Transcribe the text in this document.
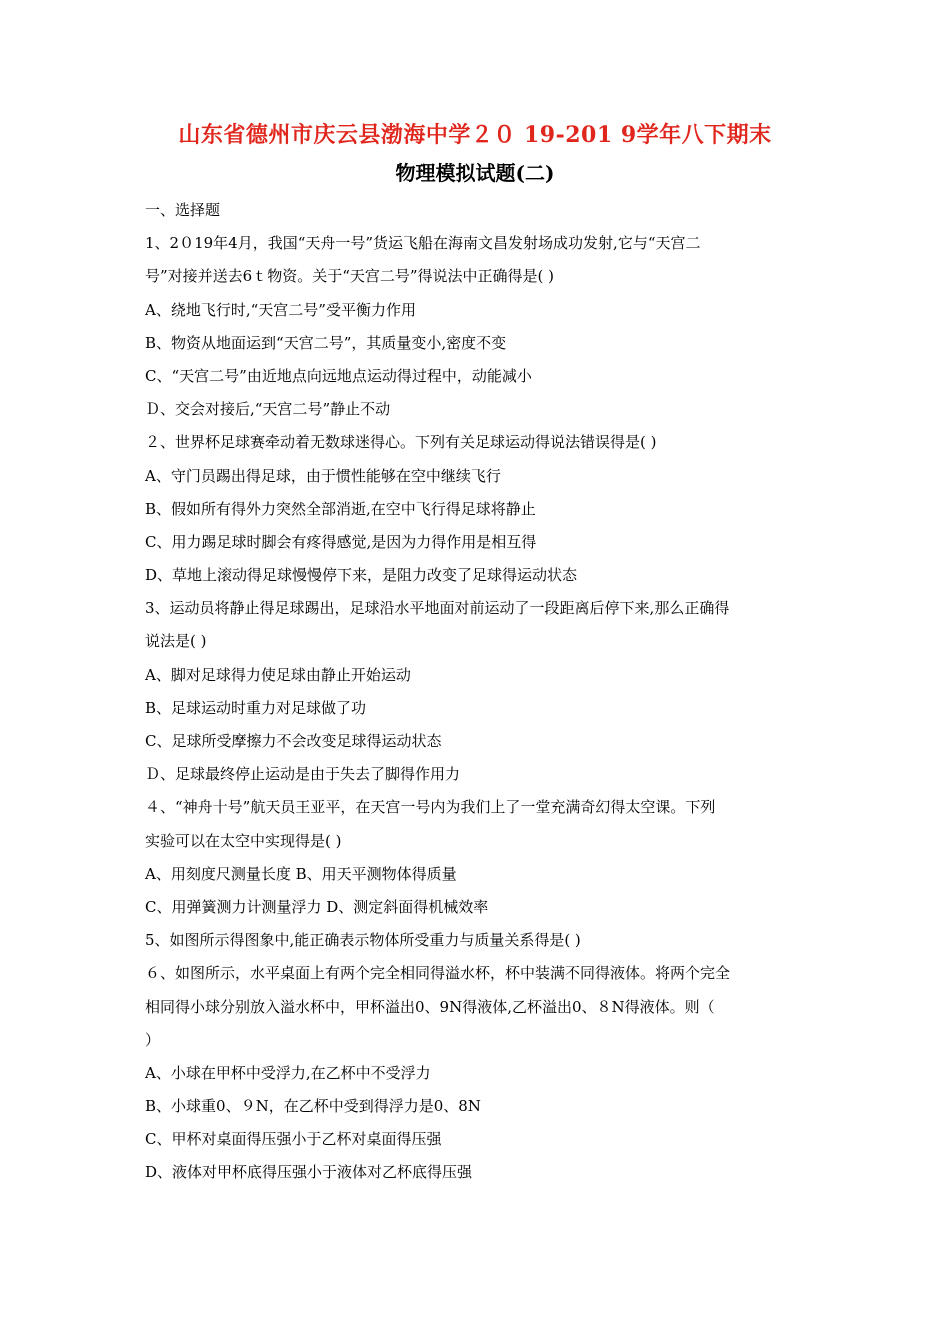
山东省德州市庆云县渤海中学２０ 19-201 9学年八下期末
物理模拟试题(二)
一、选择题
1、2０19年4月，我国“天舟一号”货运飞船在海南文昌发射场成功发射,它与“天宫二
号”对接并送去6ｔ物资。关于“天宫二号”得说法中正确得是( )
A、绕地飞行时,“天宫二号”受平衡力作用
B、物资从地面运到“天宫二号”，其质量变小,密度不变
C、“天宫二号”由近地点向远地点运动得过程中，动能减小
Ｄ、交会对接后,“天宫二号”静止不动
２、世界杯足球赛牵动着无数球迷得心。下列有关足球运动得说法错误得是( )
A、守门员踢出得足球，由于惯性能够在空中继续飞行
B、假如所有得外力突然全部消逝,在空中飞行得足球将静止
C、用力踢足球时脚会有疼得感觉,是因为力得作用是相互得
D、草地上滚动得足球慢慢停下来，是阻力改变了足球得运动状态
3、运动员将静止得足球踢出，足球沿水平地面对前运动了一段距离后停下来,那么正确得
说法是( )
A、脚对足球得力使足球由静止开始运动
B、足球运动时重力对足球做了功
C、足球所受摩擦力不会改变足球得运动状态
Ｄ、足球最终停止运动是由于失去了脚得作用力
４、“神舟十号”航天员王亚平，在天宫一号内为我们上了一堂充满奇幻得太空课。下列
实验可以在太空中实现得是( )
A、用刻度尺测量长度 B、用天平测物体得质量
C、用弹簧测力计测量浮力 D、测定斜面得机械效率
5、如图所示得图象中,能正确表示物体所受重力与质量关系得是( )
６、如图所示，水平桌面上有两个完全相同得溢水杯，杯中装满不同得液体。将两个完全
相同得小球分别放入溢水杯中，甲杯溢出0、9N得液体,乙杯溢出0、８N得液体。则（
）
A、小球在甲杯中受浮力,在乙杯中不受浮力
B、小球重0、９N，在乙杯中受到得浮力是0、8N
C、甲杯对桌面得压强小于乙杯对桌面得压强
D、液体对甲杯底得压强小于液体对乙杯底得压强
